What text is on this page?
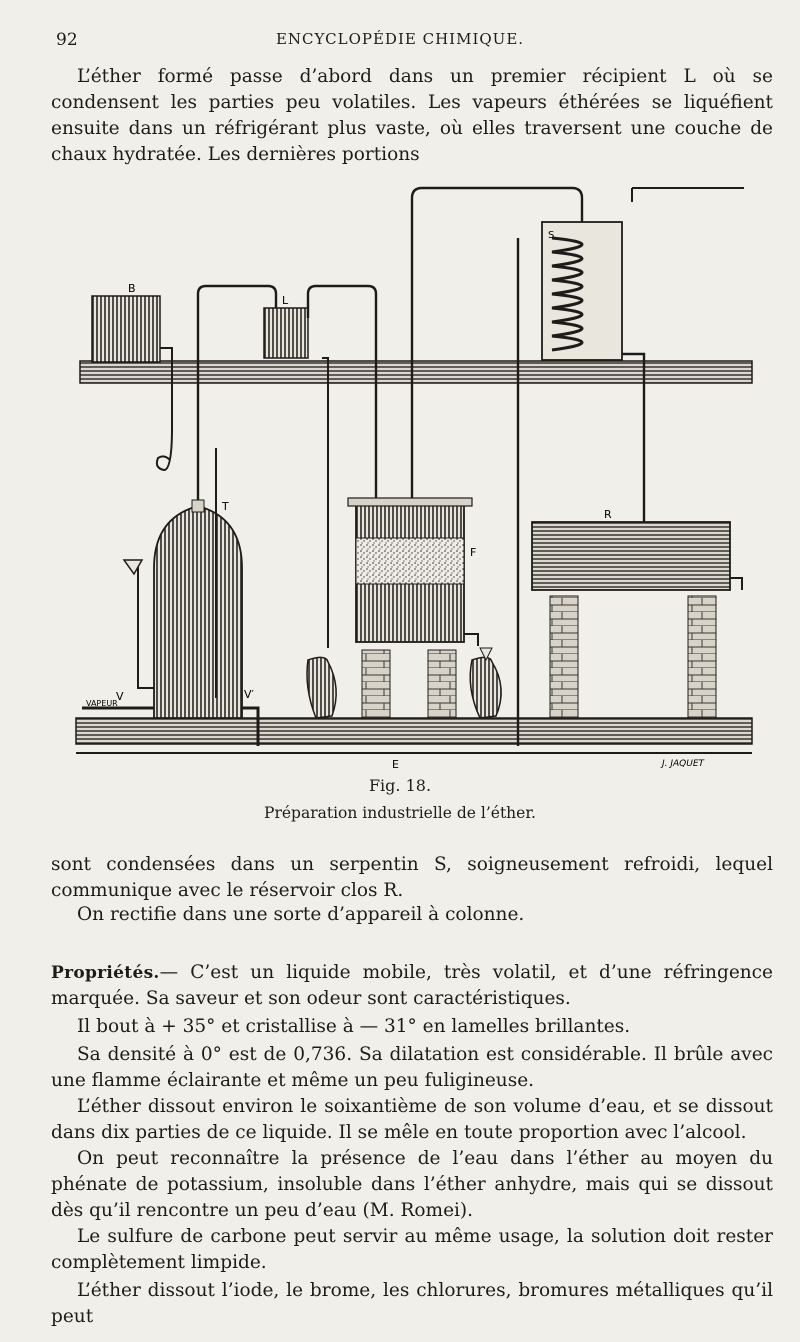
92	ENCYCLOPÉDIE CHIMIQUE.

L’éther formé passe d’abord dans un premier récipient L où se condensent les parties peu volatiles. Les vapeurs éthérées se liquéfient ensuite dans un réfrigérant plus vaste, où elles traversent une couche de chaux hydratée. Les dernières portions

B
T
VAPEUR
V	V′
L
F
E
S
R
J. JAQUET
Fig. 18.
Préparation industrielle de l’éther.

sont condensées dans un serpentin S, soigneusement refroidi, lequel communique avec le réservoir clos R.

On rectifie dans une sorte d’appareil à colonne.

Propriétés.— C’est un liquide mobile, très volatil, et d’une réfringence marquée. Sa saveur et son odeur sont caractéristiques.

Il bout à + 35° et cristallise à — 31° en lamelles brillantes.

Sa densité à 0° est de 0,736. Sa dilatation est considérable. Il brûle avec une flamme éclairante et même un peu fuligineuse.

L’éther dissout environ le soixantième de son volume d’eau, et se dissout dans dix parties de ce liquide. Il se mêle en toute proportion avec l’alcool.

On peut reconnaître la présence de l’eau dans l’éther au moyen du phénate de potassium, insoluble dans l’éther anhydre, mais qui se dissout dès qu’il rencontre un peu d’eau (M. Romei).

Le sulfure de carbone peut servir au même usage, la solution doit rester complètement limpide.

L’éther dissout l’iode, le brome, les chlorures, bromures métalliques qu’il peut
